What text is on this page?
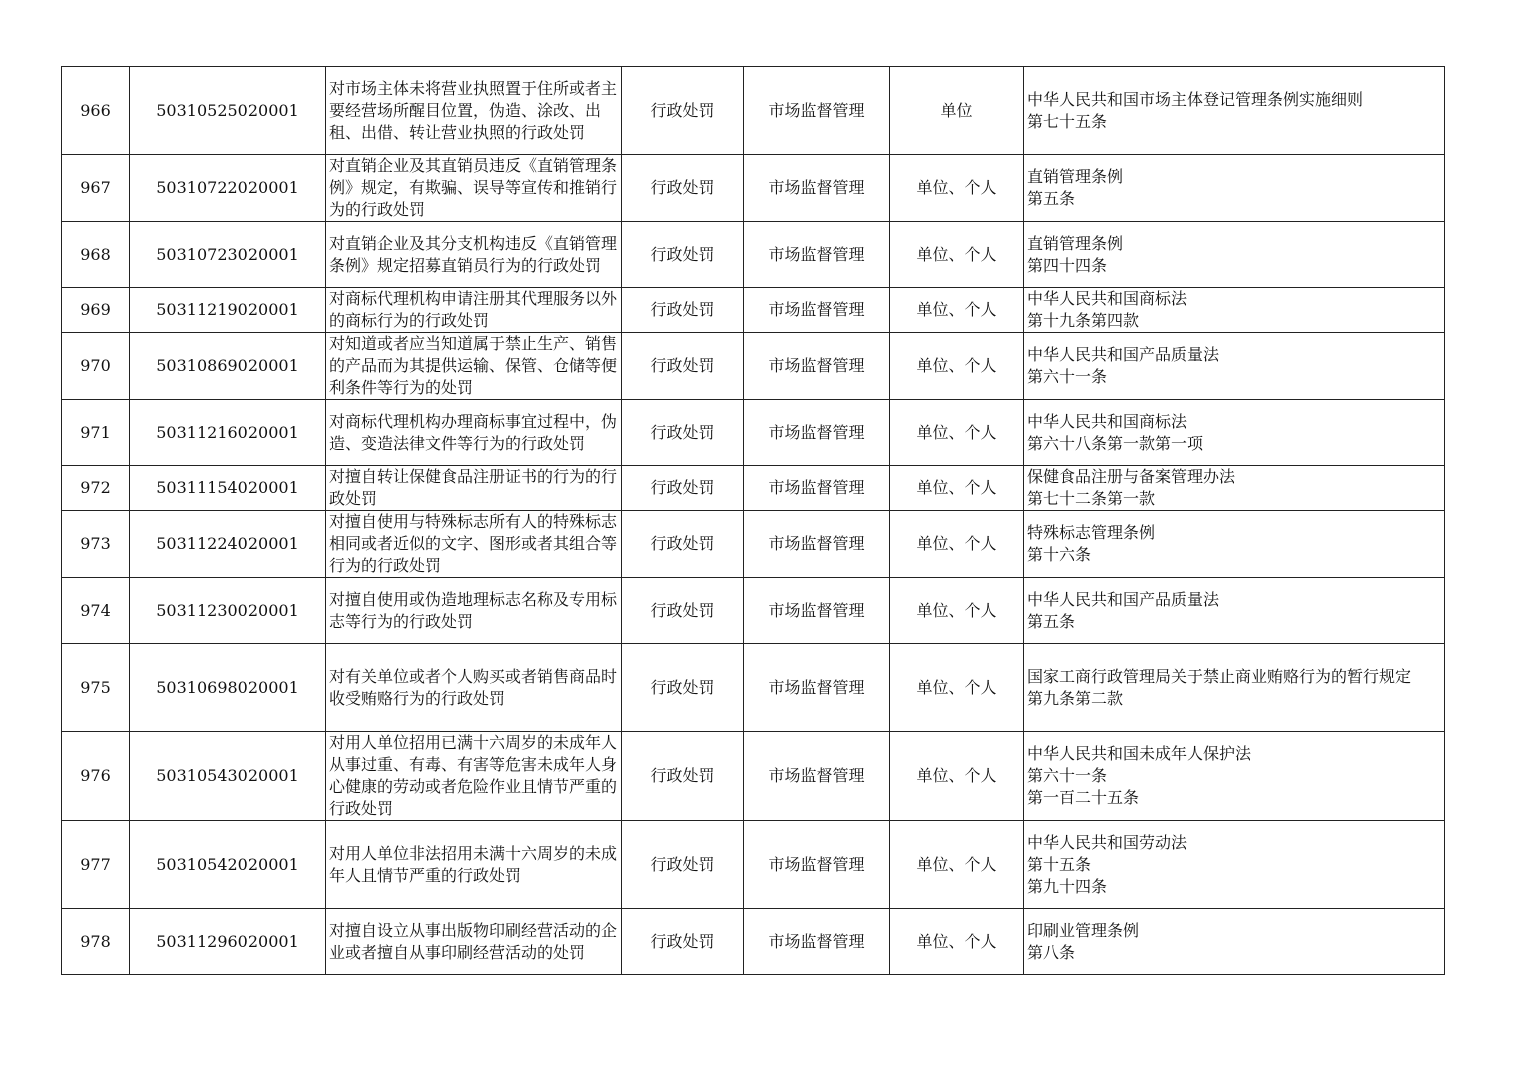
966	50310525020001	对市场主体未将营业执照置于住所或者主要经营场所醒目位置，伪造、涂改、出租、出借、转让营业执照的行政处罚	行政处罚	市场监督管理	单位	中华人民共和国市场主体登记管理条例实施细则
第七十五条
967	50310722020001	对直销企业及其直销员违反《直销管理条例》规定，有欺骗、误导等宣传和推销行为的行政处罚	行政处罚	市场监督管理	单位、个人	直销管理条例
第五条
968	50310723020001	对直销企业及其分支机构违反《直销管理条例》规定招募直销员行为的行政处罚	行政处罚	市场监督管理	单位、个人	直销管理条例
第四十四条
969	50311219020001	对商标代理机构申请注册其代理服务以外的商标行为的行政处罚	行政处罚	市场监督管理	单位、个人	中华人民共和国商标法
第十九条第四款
970	50310869020001	对知道或者应当知道属于禁止生产、销售的产品而为其提供运输、保管、仓储等便利条件等行为的处罚	行政处罚	市场监督管理	单位、个人	中华人民共和国产品质量法
第六十一条
971	50311216020001	对商标代理机构办理商标事宜过程中，伪造、变造法律文件等行为的行政处罚	行政处罚	市场监督管理	单位、个人	中华人民共和国商标法
第六十八条第一款第一项
972	50311154020001	对擅自转让保健食品注册证书的行为的行政处罚	行政处罚	市场监督管理	单位、个人	保健食品注册与备案管理办法
第七十二条第一款
973	50311224020001	对擅自使用与特殊标志所有人的特殊标志相同或者近似的文字、图形或者其组合等行为的行政处罚	行政处罚	市场监督管理	单位、个人	特殊标志管理条例
第十六条
974	50311230020001	对擅自使用或伪造地理标志名称及专用标志等行为的行政处罚	行政处罚	市场监督管理	单位、个人	中华人民共和国产品质量法
第五条
975	50310698020001	对有关单位或者个人购买或者销售商品时收受贿赂行为的行政处罚	行政处罚	市场监督管理	单位、个人	国家工商行政管理局关于禁止商业贿赂行为的暂行规定
第九条第二款
976	50310543020001	对用人单位招用已满十六周岁的未成年人从事过重、有毒、有害等危害未成年人身心健康的劳动或者危险作业且情节严重的行政处罚	行政处罚	市场监督管理	单位、个人	中华人民共和国未成年人保护法
第六十一条
第一百二十五条
977	50310542020001	对用人单位非法招用未满十六周岁的未成年人且情节严重的行政处罚	行政处罚	市场监督管理	单位、个人	中华人民共和国劳动法
第十五条
第九十四条
978	50311296020001	对擅自设立从事出版物印刷经营活动的企业或者擅自从事印刷经营活动的处罚	行政处罚	市场监督管理	单位、个人	印刷业管理条例
第八条
